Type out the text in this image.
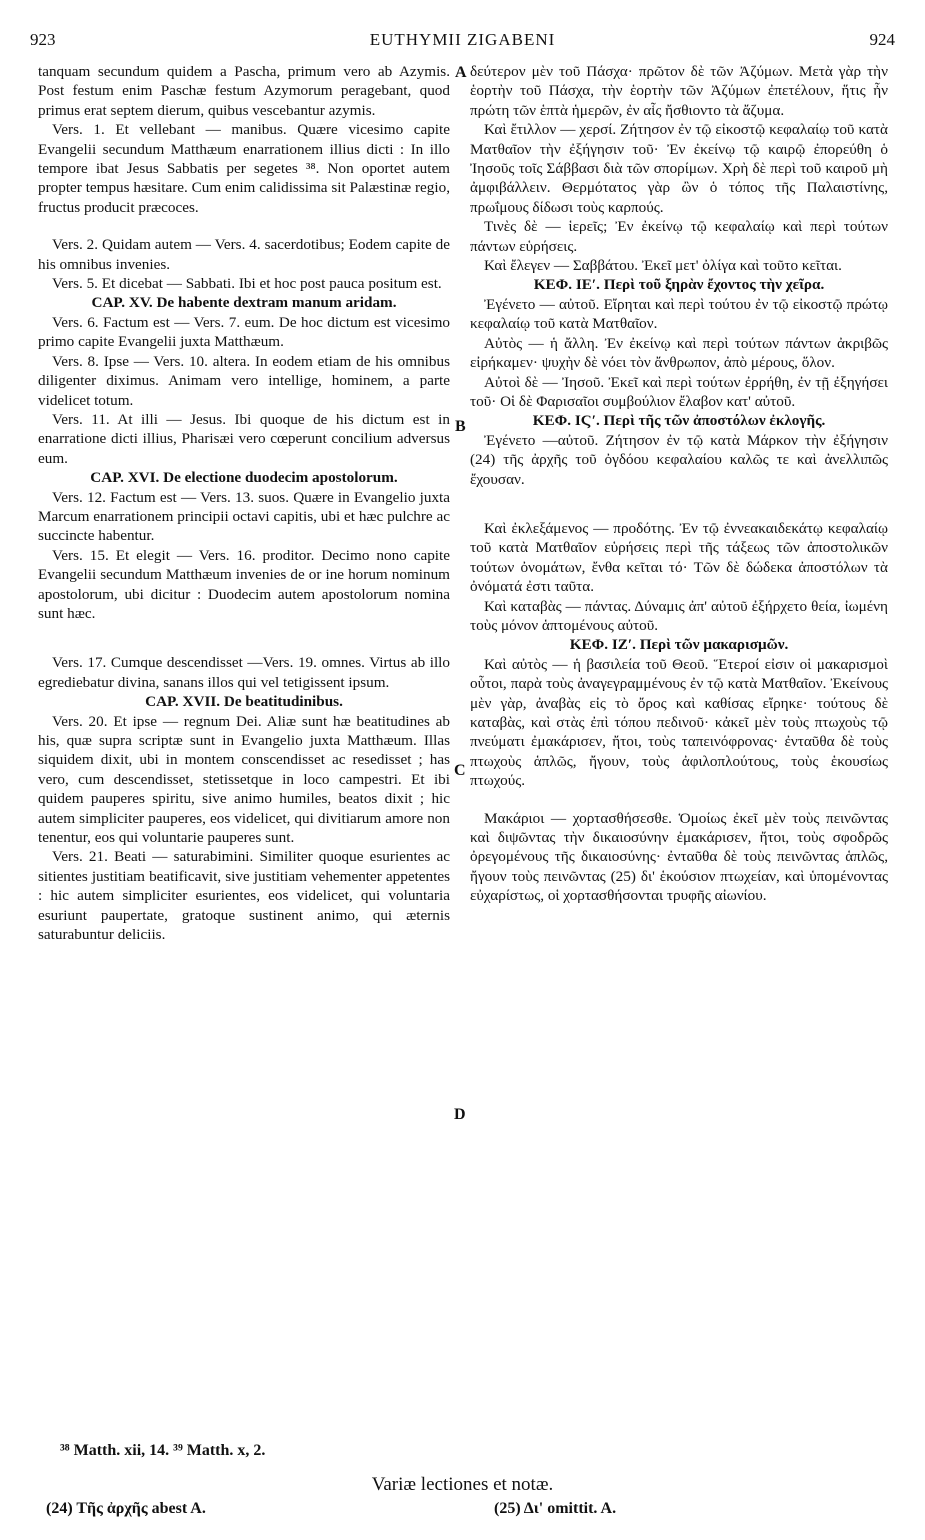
923	EUTHYMII ZIGABENI	924

tanquam secundum quidem a Pascha, primum vero ab Azymis. Post festum enim Paschæ festum Azymorum peragebant, quod primus erat septem dierum, quibus vescebantur azymis.

Vers. 1. Et vellebant — manibus. Quære vicesimo capite Evangelii secundum Matthæum enarrationem illius dicti : In illo tempore ibat Jesus Sabbatis per segetes ³⁸. Non oportet autem propter tempus hæsitare. Cum enim calidissima sit Palæstinæ regio, fructus producit præcoces.

Vers. 2. Quidam autem — Vers. 4. sacerdotibus; Eodem capite de his omnibus invenies.

Vers. 5. Et dicebat — Sabbati. Ibi et hoc post pauca positum est.

CAP. XV. De habente dextram manum aridam.

Vers. 6. Factum est — Vers. 7. eum. De hoc dictum est vicesimo primo capite Evangelii juxta Matthæum.

Vers. 8. Ipse — Vers. 10. altera. In eodem etiam de his omnibus diligenter diximus. Animam vero intellige, hominem, a parte videlicet totum.

Vers. 11. At illi — Jesus. Ibi quoque de his dictum est in enarratione dicti illius, Pharisæi vero cœperunt concilium adversus eum.

CAP. XVI. De electione duodecim apostolorum.

Vers. 12. Factum est — Vers. 13. suos. Quære in Evangelio juxta Marcum enarrationem principii octavi capitis, ubi et hæc pulchre ac succincte habentur.

Vers. 15. Et elegit — Vers. 16. proditor. Decimo nono capite Evangelii secundum Matthæum invenies de or ine horum nominum apostolorum, ubi dicitur : Duodecim autem apostolorum nomina sunt hæc.

Vers. 17. Cumque descendisset —Vers. 19. omnes. Virtus ab illo egrediebatur divina, sanans illos qui vel tetigissent ipsum.

CAP. XVII. De beatitudinibus.

Vers. 20. Et ipse — regnum Dei. Aliæ sunt hæ beatitudines ab his, quæ supra scriptæ sunt in Evangelio juxta Matthæum. Illas siquidem dixit, ubi in montem conscendisset ac resedisset ; has vero, cum descendisset, stetissetque in loco campestri. Et ibi quidem pauperes spiritu, sive animo humiles, beatos dixit ; hic autem simpliciter pauperes, eos videlicet, qui divitiarum amore non tenentur, eos qui voluntarie pauperes sunt.

Vers. 21. Beati — saturabimini. Similiter quoque esurientes ac sitientes justitiam beatificavit, sive justitiam vehementer appetentes : hic autem simpliciter esurientes, eos videlicet, qui voluntaria esuriunt paupertate, gratoque sustinent animo, qui æternis saturabuntur deliciis.

δεύτερον μὲν τοῦ Πάσχα· πρῶτον δὲ τῶν Ἀζύμων. Μετὰ γὰρ τὴν ἑορτὴν τοῦ Πάσχα, τὴν ἑορτὴν τῶν Ἀζύμων ἐπετέλουν, ἥτις ἦν πρώτη τῶν ἑπτὰ ἡμερῶν, ἐν αἷς ἤσθιοντο τὰ ἄζυμα.

Καὶ ἔτιλλον — χερσί. Ζήτησον ἐν τῷ εἰκοστῷ κεφαλαίῳ τοῦ κατὰ Ματθαῖον τὴν ἐξήγησιν τοῦ· Ἐν ἐκείνῳ τῷ καιρῷ ἐπορεύθη ὁ Ἰησοῦς τοῖς Σάββασι διὰ τῶν σπορίμων. Χρὴ δὲ περὶ τοῦ καιροῦ μὴ ἀμφιβάλλειν. Θερμότατος γὰρ ὢν ὁ τόπος τῆς Παλαιστίνης, πρωΐμους δίδωσι τοὺς καρπούς.

Τινὲς δὲ — ἱερεῖς; Ἐν ἐκείνῳ τῷ κεφαλαίῳ καὶ περὶ τούτων πάντων εὑρήσεις.

Καὶ ἔλεγεν — Σαββάτου. Ἐκεῖ μετ' ὀλίγα καὶ τοῦτο κεῖται.

ΚΕΦ. ΙΕʹ. Περὶ τοῦ ξηρὰν ἔχοντος τὴν χεῖρα.

Ἐγένετο — αὐτοῦ. Εἴρηται καὶ περὶ τούτου ἐν τῷ εἰκοστῷ πρώτῳ κεφαλαίῳ τοῦ κατὰ Ματθαῖον.

Αὐτὸς — ἡ ἄλλη. Ἐν ἐκείνῳ καὶ περὶ τούτων πάντων ἀκριβῶς εἰρήκαμεν· ψυχὴν δὲ νόει τὸν ἄνθρωπον, ἀπὸ μέρους, ὅλον.

Αὐτοὶ δὲ — Ἰησοῦ. Ἐκεῖ καὶ περὶ τούτων ἐρρήθη, ἐν τῇ ἐξηγήσει τοῦ· Οἱ δὲ Φαρισαῖοι συμβούλιον ἔλαβον κατ' αὐτοῦ.

ΚΕΦ. ΙϚʹ. Περὶ τῆς τῶν ἀποστόλων ἐκλογῆς.

Ἐγένετο —αὐτοῦ. Ζήτησον ἐν τῷ κατὰ Μάρκον τὴν ἐξήγησιν (24) τῆς ἀρχῆς τοῦ ὀγδόου κεφαλαίου καλῶς τε καὶ ἀνελλιπῶς ἔχουσαν.

Καὶ ἐκλεξάμενος — προδότης. Ἐν τῷ ἐννεακαιδεκάτῳ κεφαλαίῳ τοῦ κατὰ Ματθαῖον εὑρήσεις περὶ τῆς τάξεως τῶν ἀποστολικῶν τούτων ὀνομάτων, ἔνθα κεῖται τό· Τῶν δὲ δώδεκα ἀποστόλων τὰ ὀνόματά ἐστι ταῦτα.

Καὶ καταβὰς — πάντας. Δύναμις ἀπ' αὐτοῦ ἐξήρχετο θεία, ἰωμένη τοὺς μόνον ἁπτομένους αὐτοῦ.

ΚΕΦ. ΙΖʹ. Περὶ τῶν μακαρισμῶν.

Καὶ αὐτὸς — ἡ βασιλεία τοῦ Θεοῦ. Ἕτεροί εἰσιν οἱ μακαρισμοὶ οὗτοι, παρὰ τοὺς ἀναγεγραμμένους ἐν τῷ κατὰ Ματθαῖον. Ἐκείνους μὲν γὰρ, ἀναβὰς εἰς τὸ ὄρος καὶ καθίσας εἴρηκε· τούτους δὲ καταβὰς, καὶ στὰς ἐπὶ τόπου πεδινοῦ· κἀκεῖ μὲν τοὺς πτωχοὺς τῷ πνεύματι ἐμακάρισεν, ἤτοι, τοὺς ταπεινόφρονας· ἐνταῦθα δὲ τοὺς πτωχοὺς ἁπλῶς, ἤγουν, τοὺς ἀφιλοπλούτους, τοὺς ἑκουσίως πτωχούς.

Μακάριοι — χορτασθήσεσθε. Ὁμοίως ἐκεῖ μὲν τοὺς πεινῶντας καὶ διψῶντας τὴν δικαιοσύνην ἐμακάρισεν, ἤτοι, τοὺς σφοδρῶς ὀρεγομένους τῆς δικαιοσύνης· ἐνταῦθα δὲ τοὺς πεινῶντας ἁπλῶς, ἤγουν τοὺς πεινῶντας (25) δι' ἑκούσιον πτωχείαν, καὶ ὑπομένοντας εὐχαρίστως, οἱ χορτασθήσονται τρυφῆς αἰωνίου.

A
B
C
D
³⁸ Matth. xii, 14. ³⁹ Matth. x, 2.
Variæ lectiones et notæ.
(24) Τῆς ἀρχῆς abest A.	(25) Δι' omittit. A.
